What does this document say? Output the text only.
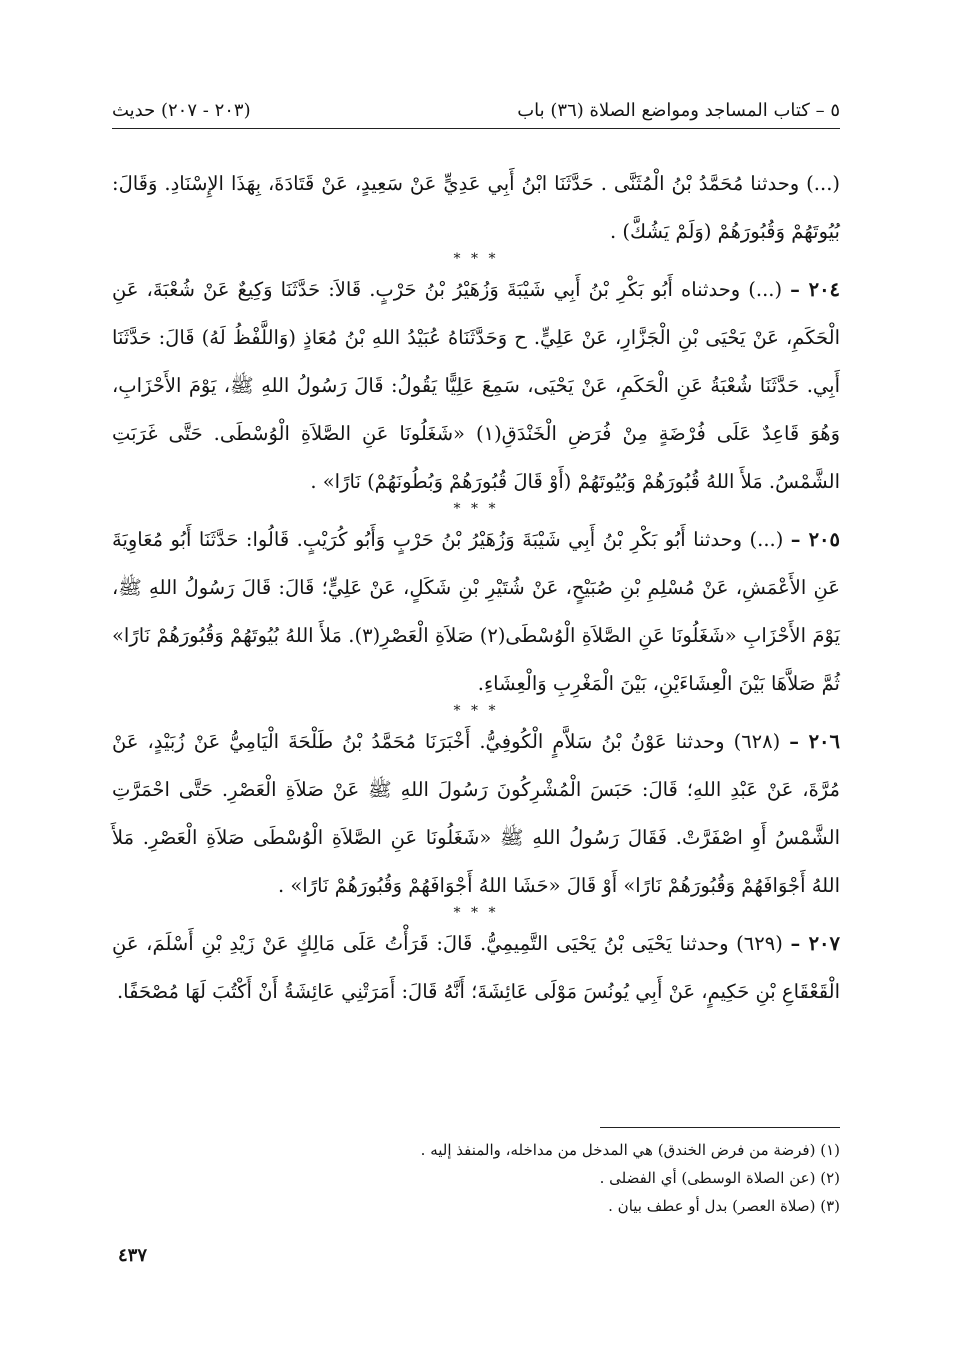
٥ – كتاب المساجد ومواضع الصلاة (٣٦) باب
(٢٠٣ - ٢٠٧) حديث

(...) وحدثنا مُحَمَّدُ بْنُ الْمُثَنَّى . حَدَّثَنَا ابْنُ أَبِي عَدِيٍّ عَنْ سَعِيدٍ، عَنْ قَتَادَةَ، بِهَذَا الإِسْنَادِ. وَقَالَ: بُيُوتَهُمْ وَقُبُورَهُمْ (وَلَمْ يَشُكَّ) .

* * *

٢٠٤ – (...) وحدثناه أَبُو بَكْرِ بْنُ أَبِي شَيْبَةَ وَزُهَيْرُ بْنُ حَرْبٍ. قَالاَ: حَدَّثَنَا وَكِيعٌ عَنْ شُعْبَةَ، عَنِ الْحَكَمِ، عَنْ يَحْيَى بْنِ الْجَزَّارِ، عَنْ عَلِيٍّ. ح وَحَدَّثَنَاهُ عُبَيْدُ اللهِ بْنُ مُعَاذٍ (وَاللَّفْظُ لَهُ) قَالَ: حَدَّثَنَا أَبِي. حَدَّثَنَا شُعْبَةُ عَنِ الْحَكَمِ، عَنْ يَحْيَى، سَمِعَ عَلِيًّا يَقُولُ: قَالَ رَسُولُ اللهِ ﷺ، يَوْمَ الأَحْزَابِ، وَهُوَ قَاعِدٌ عَلَى فُرْضَةٍ مِنْ فُرَضِ الْخَنْدَقِ(١) «شَغَلُونَا عَنِ الصَّلاَةِ الْوُسْطَى. حَتَّى غَرَبَتِ الشَّمْسُ. مَلأَ اللهُ قُبُورَهُمْ وَبُيُوتَهُمْ (أَوْ قَالَ قُبُورَهُمْ وَبُطُونَهُمْ) نَارًا» .

* * *

٢٠٥ – (...) وحدثنا أَبُو بَكْرِ بْنُ أَبِي شَيْبَةَ وَزُهَيْرُ بْنُ حَرْبٍ وَأَبُو كُرَيْبٍ. قَالُوا: حَدَّثَنَا أَبُو مُعَاوِيَةَ عَنِ الأَعْمَشِ، عَنْ مُسْلِمِ بْنِ صُبَيْحٍ، عَنْ شُتَيْرِ بْنِ شَكَلٍ، عَنْ عَلِيٍّ؛ قَالَ: قَالَ رَسُولُ اللهِ ﷺ، يَوْمَ الأَحْزَابِ «شَغَلُونَا عَنِ الصَّلاَةِ الْوُسْطَى(٢) صَلاَةِ الْعَصْرِ(٣). مَلأَ اللهُ بُيُوتَهُمْ وَقُبُورَهُمْ نَارًا» ثُمَّ صَلاَّهَا بَيْنَ الْعِشَاءَيْنِ، بَيْنَ الْمَغْرِبِ وَالْعِشَاءِ.

* * *

٢٠٦ – (٦٢٨) وحدثنا عَوْنُ بْنُ سَلاَّمٍ الْكُوفِيُّ. أَخْبَرَنَا مُحَمَّدُ بْنُ طَلْحَةَ الْيَامِيُّ عَنْ زُبَيْدٍ، عَنْ مُرَّةَ، عَنْ عَبْدِ اللهِ؛ قَالَ: حَبَسَ الْمُشْرِكُونَ رَسُولَ اللهِ ﷺ عَنْ صَلاَةِ الْعَصْرِ. حَتَّى احْمَرَّتِ الشَّمْسُ أَوِ اصْفَرَّتْ. فَقَالَ رَسُولُ اللهِ ﷺ «شَغَلُونَا عَنِ الصَّلاَةِ الْوُسْطَى صَلاَةِ الْعَصْرِ. مَلأَ اللهُ أَجْوَافَهُمْ وَقُبُورَهُمْ نَارًا» أَوْ قَالَ «حَشَا اللهُ أَجْوَافَهُمْ وَقُبُورَهُمْ نَارًا» .

* * *

٢٠٧ – (٦٢٩) وحدثنا يَحْيَى بْنُ يَحْيَى التَّمِيمِيُّ. قَالَ: قَرَأْتُ عَلَى مَالِكٍ عَنْ زَيْدِ بْنِ أَسْلَمَ، عَنِ الْقَعْقَاعِ بْنِ حَكِيمٍ، عَنْ أَبِي يُونُسَ مَوْلَى عَائِشَةَ؛ أَنَّهُ قَالَ: أَمَرَتْنِي عَائِشَةُ أَنْ أَكْتُبَ لَهَا مُصْحَفًا.

(١) (فرضة من فرض الخندق) هي المدخل من مداخله، والمنفذ إليه .

(٢) (عن الصلاة الوسطى) أي الفضلى .

(٣) (صلاة العصر) بدل أو عطف بيان .

٤٣٧
